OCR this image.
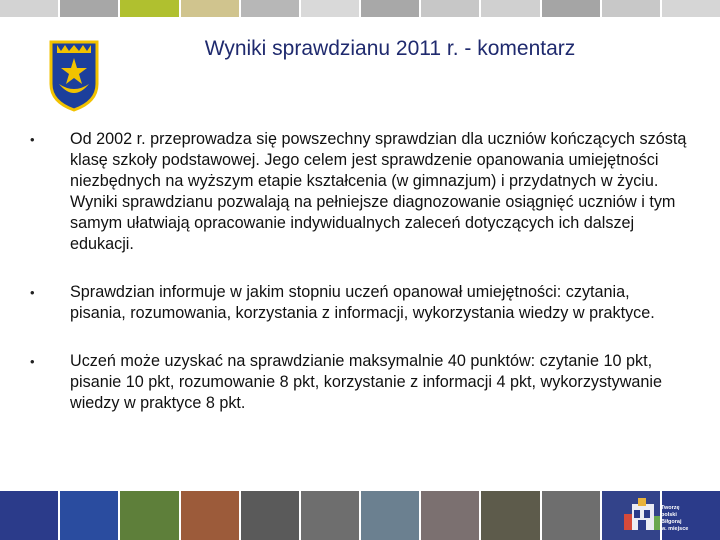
Wyniki sprawdzianu 2011 r. - komentarz
•	Od 2002 r. przeprowadza się powszechny sprawdzian dla uczniów kończących szóstą klasę szkoły podstawowej. Jego celem jest sprawdzenie opanowania umiejętności niezbędnych na wyższym etapie kształcenia (w gimnazjum) i przydatnych w życiu. Wyniki sprawdzianu pozwalają na pełniejsze diagnozowanie osiągnięć uczniów i tym samym ułatwiają opracowanie indywidualnych zaleceń dotyczących ich dalszej edukacji.
•	Sprawdzian informuje w jakim stopniu uczeń opanował umiejętności: czytania, pisania, rozumowania, korzystania z informacji, wykorzystania wiedzy w praktyce.
•	Uczeń może uzyskać na sprawdzianie maksymalnie 40 punktów: czytanie 10 pkt, pisanie 10 pkt, rozumowanie 8 pkt, korzystanie z informacji 4 pkt, wykorzystywanie wiedzy w praktyce 8 pkt.
Tworzę
polski
Biłgoraj
w. miejsce
